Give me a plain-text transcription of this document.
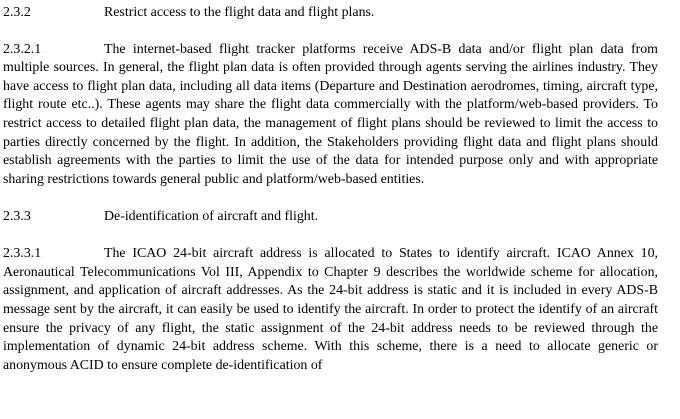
2.3.2	Restrict access to the flight data and flight plans.

2.3.2.1	The internet-based flight tracker platforms receive ADS-B data and/or flight plan data from multiple sources. In general, the flight plan data is often provided through agents serving the airlines industry. They have access to flight plan data, including all data items (Departure and Destination aerodromes, timing, aircraft type, flight route etc..). These agents may share the flight data commercially with the platform/web-based providers. To restrict access to detailed flight plan data, the management of flight plans should be reviewed to limit the access to parties directly concerned by the flight. In addition, the Stakeholders providing flight data and flight plans should establish agreements with the parties to limit the use of the data for intended purpose only and with appropriate sharing restrictions towards general public and platform/web-based entities.

2.3.3	De-identification of aircraft and flight.

2.3.3.1	The ICAO 24-bit aircraft address is allocated to States to identify aircraft. ICAO Annex 10, Aeronautical Telecommunications Vol III, Appendix to Chapter 9 describes the worldwide scheme for allocation, assignment, and application of aircraft addresses. As the 24-bit address is static and it is included in every ADS-B message sent by the aircraft, it can easily be used to identify the aircraft. In order to protect the identify of an aircraft ensure the privacy of any flight, the static assignment of the 24-bit address needs to be reviewed through the implementation of dynamic 24-bit address scheme. With this scheme, there is a need to allocate generic or anonymous ACID to ensure complete de-identification of
